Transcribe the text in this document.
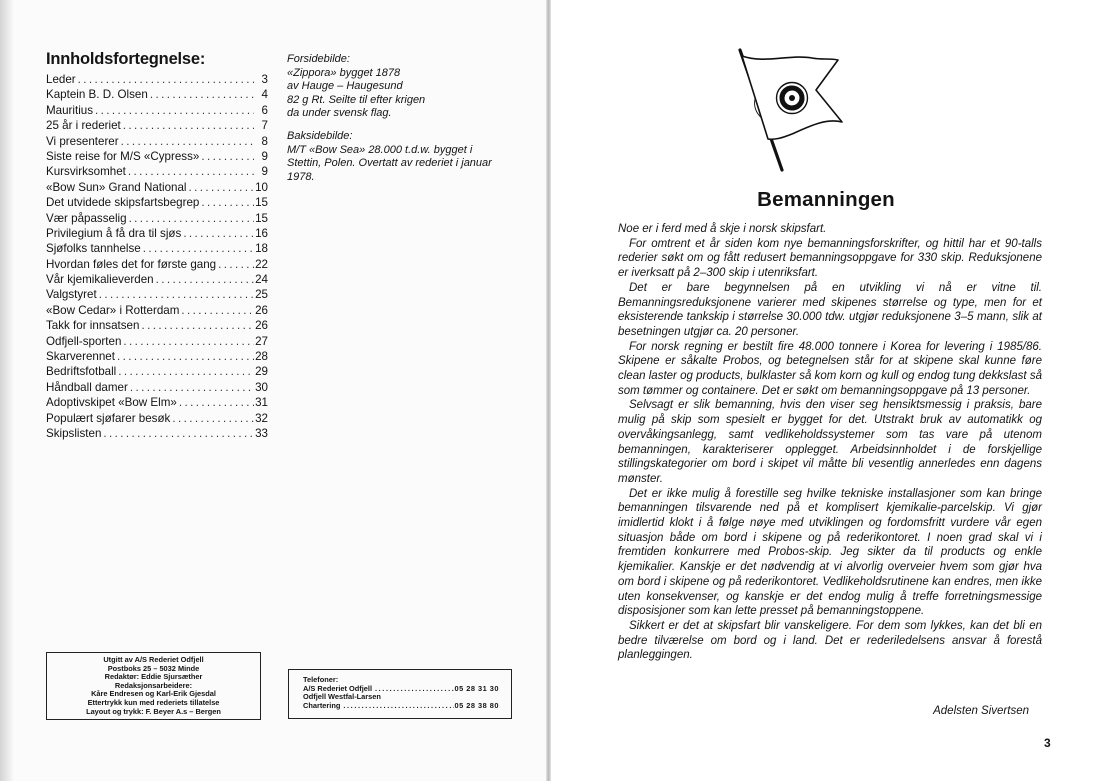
Innholdsfortegnelse:
Leder .....	3
Kaptein B. D. Olsen .....	4
Mauritius .....	6
25 år i rederiet .....	7
Vi presenterer .....	8
Siste reise for M/S «Cypress» .....	9
Kursvirksomhet .....	9
«Bow Sun» Grand National .....	10
Det utvidede skipsfartsbegrep .....	15
Vær påpasselig .....	15
Privilegium å få dra til sjøs .....	16
Sjøfolks tannhelse .....	18
Hvordan føles det for første gang .....	22
Vår kjemikalieverden .....	24
Valgstyret .....	25
«Bow Cedar» i Rotterdam .....	26
Takk for innsatsen .....	26
Odfjell-sporten .....	27
Skarverennet .....	28
Bedriftsfotball .....	29
Håndball damer .....	30
Adoptivskipet «Bow Elm» .....	31
Populært sjøfarer besøk .....	32
Skipslisten .....	33

Forsidebilde:

«Zippora» bygget 1878

av Hauge – Haugesund

82 g Rt. Seilte til efter krigen

da under svensk flag.

Baksidebilde:

M/T «Bow Sea» 28.000 t.d.w. bygget i

Stettin, Polen. Overtatt av rederiet i januar

1978.

Utgitt av A/S Rederiet Odfjell
Postboks 25 – 5032 Minde
Redaktør: Eddie Sjursæther
Redaksjonsarbeidere:
Kåre Endresen og Karl-Erik Gjesdal
Ettertrykk kun med rederiets tillatelse
Layout og trykk: F. Beyer A.s – Bergen
Telefoner:
A/S Rederiet Odfjell .....	05 28 31 30
Odfjell Westfal-Larsen
Chartering .....	05 28 38 80
Bemanningen

Noe er i ferd med å skje i norsk skipsfart.

For omtrent et år siden kom nye bemanningsforskrifter, og hittil har et 90-talls rederier søkt om og fått redusert bemanningsoppgave for 330 skip. Reduksjonene er iverksatt på 2–300 skip i utenriksfart.

Det er bare begynnelsen på en utvikling vi nå er vitne til. Bemanningsreduksjonene varierer med skipenes størrelse og type, men for et eksisterende tankskip i størrelse 30.000 tdw. utgjør reduksjonene 3–5 mann, slik at besetningen utgjør ca. 20 personer.

For norsk regning er bestilt fire 48.000 tonnere i Korea for levering i 1985/86. Skipene er såkalte Probos, og betegnelsen står for at skipene skal kunne føre clean laster og products, bulklaster så kom korn og kull og endog tung dekkslast så som tømmer og containere. Det er søkt om bemanningsoppgave på 13 personer.

Selvsagt er slik bemanning, hvis den viser seg hensiktsmessig i praksis, bare mulig på skip som spesielt er bygget for det. Utstrakt bruk av automatikk og overvåkingsanlegg, samt vedlikeholdssystemer som tas vare på utenom bemanningen, karakteriserer opplegget. Arbeidsinnholdet i de forskjellige stillingskategorier om bord i skipet vil måtte bli vesentlig annerledes enn dagens mønster.

Det er ikke mulig å forestille seg hvilke tekniske installasjoner som kan bringe bemanningen tilsvarende ned på et komplisert kjemikalie-parcelskip. Vi gjør imidlertid klokt i å følge nøye med utviklingen og fordomsfritt vurdere vår egen situasjon både om bord i skipene og på rederikontoret. I noen grad skal vi i fremtiden konkurrere med Probos-skip. Jeg sikter da til products og enkle kjemikalier. Kanskje er det nødvendig at vi alvorlig overveier hvem som gjør hva om bord i skipene og på rederikontoret. Vedlikeholdsrutinene kan endres, men ikke uten konsekvenser, og kanskje er det endog mulig å treffe forretningsmessige disposisjoner som kan lette presset på bemanningstoppene.

Sikkert er det at skipsfart blir vanskeligere. For dem som lykkes, kan det bli en bedre tilværelse om bord og i land. Det er rederiledelsens ansvar å forestå planleggingen.

Adelsten Sivertsen
3
